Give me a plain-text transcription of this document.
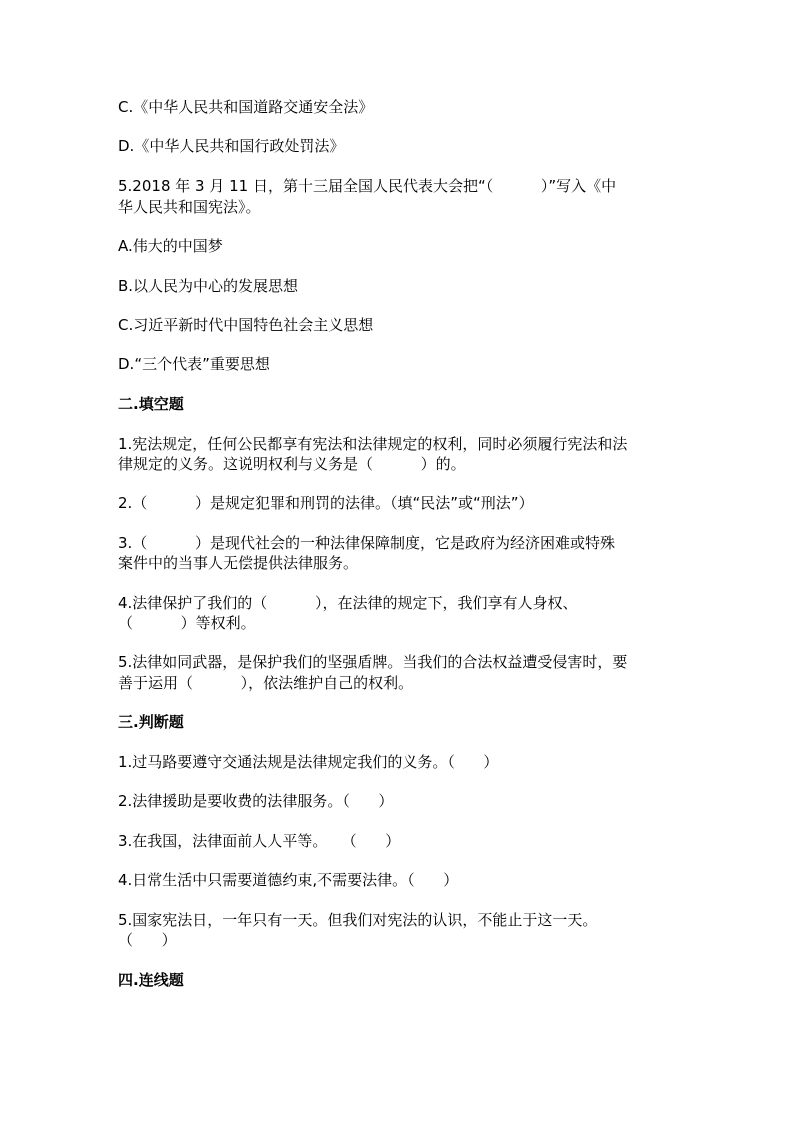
C.《中华人民共和国道路交通安全法》
D.《中华人民共和国行政处罚法》
5.2018 年 3 月 11 日，第十三届全国人民代表大会把“（          ）”写入《中
华人民共和国宪法》。
A.伟大的中国梦
B.以人民为中心的发展思想
C.习近平新时代中国特色社会主义思想
D.“三个代表”重要思想
二.填空题
1.宪法规定，任何公民都享有宪法和法律规定的权利，同时必须履行宪法和法
律规定的义务。这说明权利与义务是（          ）的。
2.（          ）是规定犯罪和刑罚的法律。（填“民法”或“刑法”）
3.（          ）是现代社会的一种法律保障制度，它是政府为经济困难或特殊
案件中的当事人无偿提供法律服务。
4.法律保护了我们的（          ），在法律的规定下，我们享有人身权、
（          ）等权利。
5.法律如同武器，是保护我们的坚强盾牌。当我们的合法权益遭受侵害时，要
善于运用（          ），依法维护自己的权利。
三.判断题
1.过马路要遵守交通法规是法律规定我们的义务。（      ）
2.法律援助是要收费的法律服务。（      ）
3.在我国，法律面前人人平等。   （      ）
4.日常生活中只需要道德约束,不需要法律。（      ）
5.国家宪法日，一年只有一天。但我们对宪法的认识，不能止于这一天。
（      ）
四.连线题
